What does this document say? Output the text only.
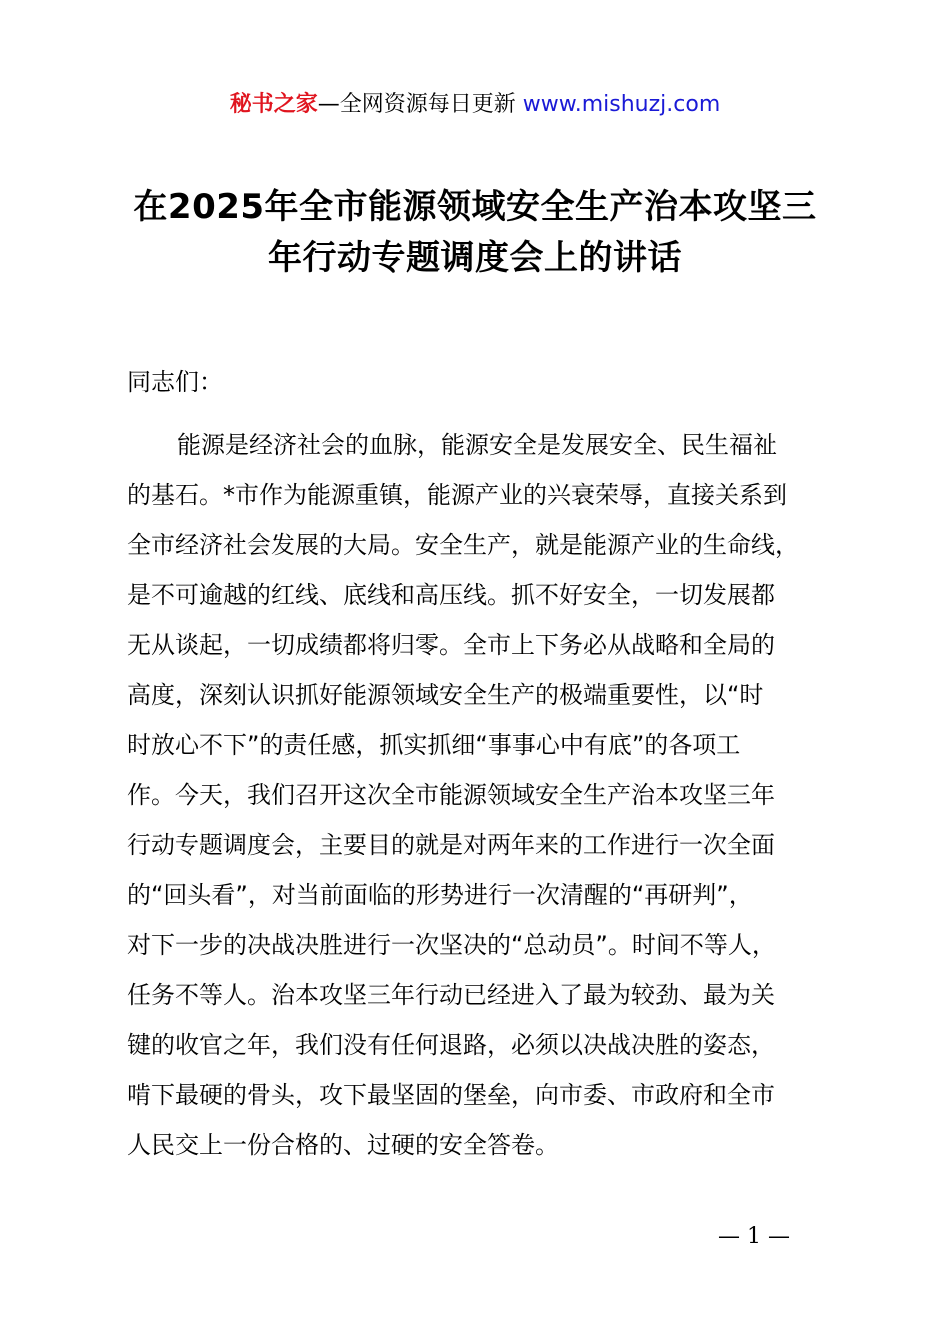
秘书之家—全网资源每日更新 www.mishuzj.com
在2025年全市能源领域安全生产治本攻坚三
年行动专题调度会上的讲话
同志们：
能源是经济社会的血脉，能源安全是发展安全、民生福祉
的基石。*市作为能源重镇，能源产业的兴衰荣辱，直接关系到
全市经济社会发展的大局。安全生产，就是能源产业的生命线，
是不可逾越的红线、底线和高压线。抓不好安全，一切发展都
无从谈起，一切成绩都将归零。全市上下务必从战略和全局的
高度，深刻认识抓好能源领域安全生产的极端重要性，以“时
时放心不下”的责任感，抓实抓细“事事心中有底”的各项工
作。今天，我们召开这次全市能源领域安全生产治本攻坚三年
行动专题调度会，主要目的就是对两年来的工作进行一次全面
的“回头看”，对当前面临的形势进行一次清醒的“再研判”，
对下一步的决战决胜进行一次坚决的“总动员”。时间不等人，
任务不等人。治本攻坚三年行动已经进入了最为较劲、最为关
键的收官之年，我们没有任何退路，必须以决战决胜的姿态，
啃下最硬的骨头，攻下最坚固的堡垒，向市委、市政府和全市
人民交上一份合格的、过硬的安全答卷。
— 1 —
